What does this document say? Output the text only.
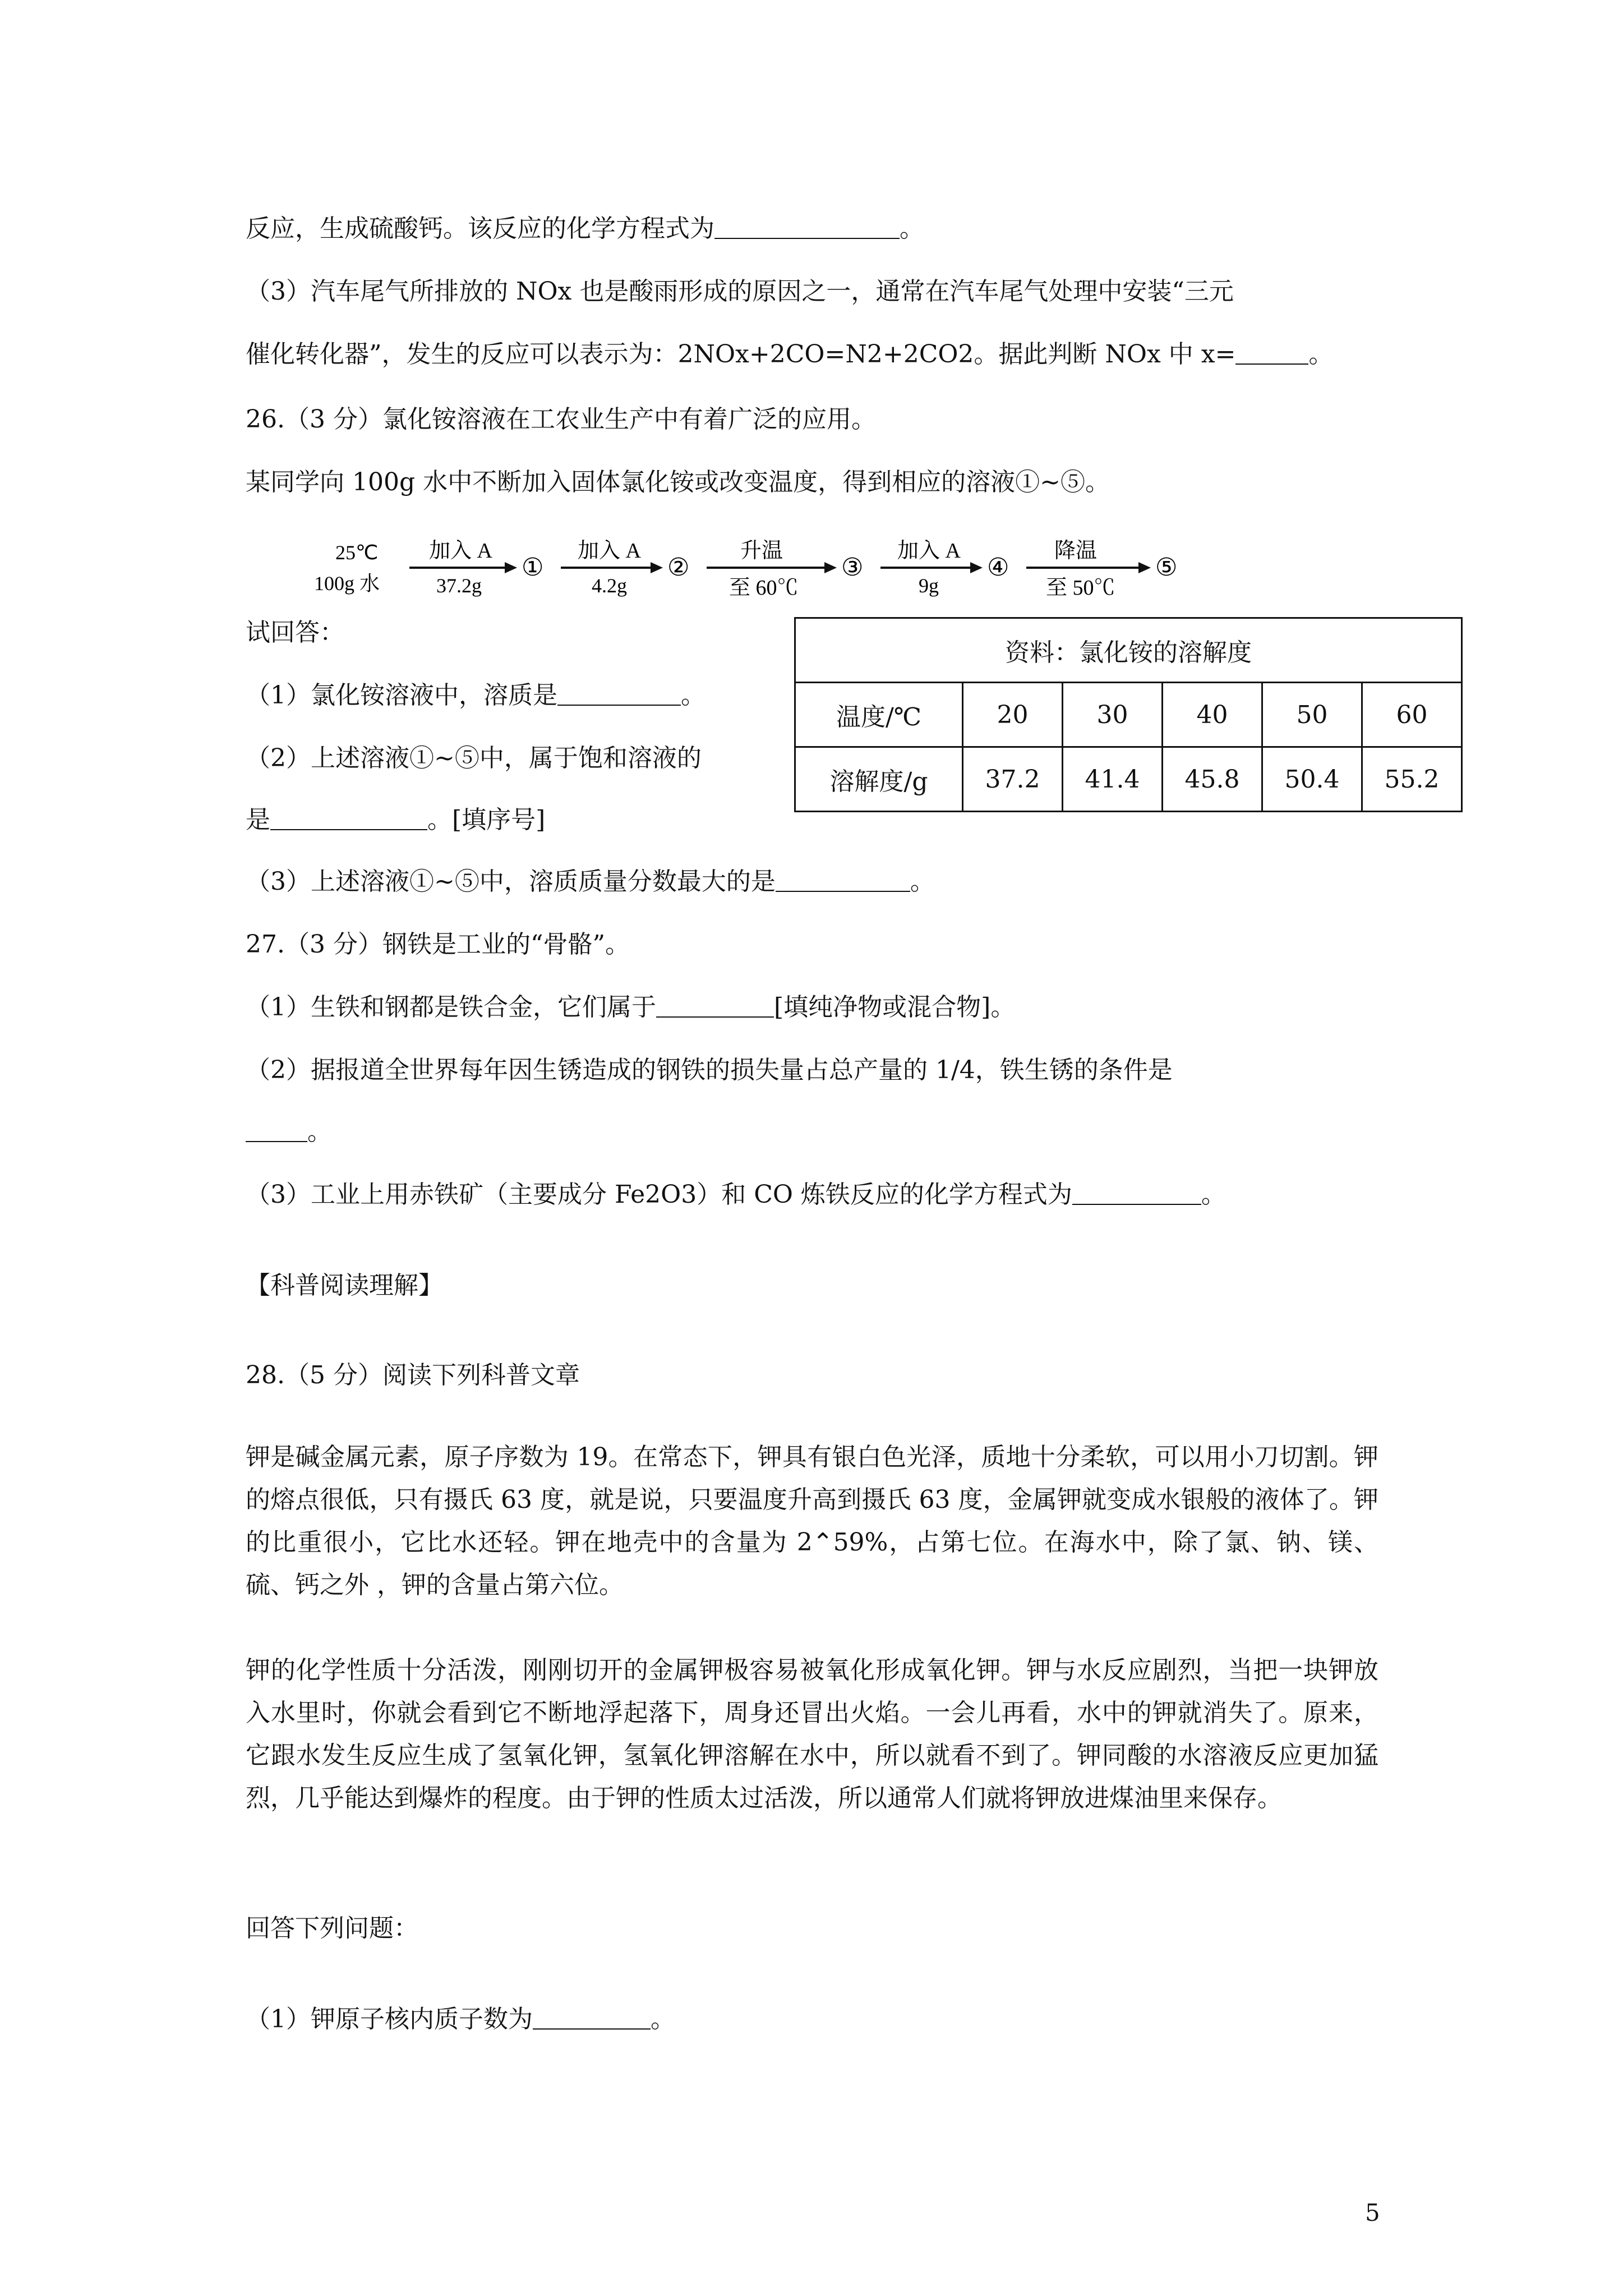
反应，生成硫酸钙。该反应的化学方程式为	。
（3）汽车尾气所排放的 NOx 也是酸雨形成的原因之一，通常在汽车尾气处理中安装“三元
催化转化器”，发生的反应可以表示为：2NOx+2CO=N2+2CO2。据此判断 NOx 中 x=	。
26.（3 分）氯化铵溶液在工农业生产中有着广泛的应用。
某同学向 100g 水中不断加入固体氯化铵或改变温度，得到相应的溶液①~⑤。
25℃
100g 水
加入 A
37.2g
①
加入 A
4.2g
②
升温
至 60℃
③
加入 A
9g
④
降温
至 50℃
⑤
试回答：
资料：氯化铵的溶解度					
温度/℃	20	30	40	50	60
溶解度/g	37.2	41.4	45.8	50.4	55.2
（1）氯化铵溶液中，溶质是	。
（2）上述溶液①~⑤中，属于饱和溶液的
是	。[填序号]
（3）上述溶液①~⑤中，溶质质量分数最大的是	。
27.（3 分）钢铁是工业的“骨骼”。
（1）生铁和钢都是铁合金，它们属于	[填纯净物或混合物]。
（2）据报道全世界每年因生锈造成的钢铁的损失量占总产量的 1/4，铁生锈的条件是
。
（3）工业上用赤铁矿（主要成分 Fe2O3）和 CO 炼铁反应的化学方程式为	。
【科普阅读理解】
28.（5 分）阅读下列科普文章
钾是碱金属元素，原子序数为 19。在常态下，钾具有银白色光泽，质地十分柔软，可以用小刀切割。钾的熔点很低，只有摄氏 63 度，就是说，只要温度升高到摄氏 63 度，金属钾就变成水银般的液体了。钾的比重很小，它比水还轻。钾在地壳中的含量为 2⌃59%，占第七位。在海水中，除了氯、钠、镁、硫、钙之外 ，钾的含量占第六位。
钾的化学性质十分活泼，刚刚切开的金属钾极容易被氧化形成氧化钾。钾与水反应剧烈，当把一块钾放入水里时，你就会看到它不断地浮起落下，周身还冒出火焰。一会儿再看，水中的钾就消失了。原来，它跟水发生反应生成了氢氧化钾，氢氧化钾溶解在水中，所以就看不到了。钾同酸的水溶液反应更加猛烈，几乎能达到爆炸的程度。由于钾的性质太过活泼，所以通常人们就将钾放进煤油里来保存。
回答下列问题：
（1）钾原子核内质子数为	。
5
